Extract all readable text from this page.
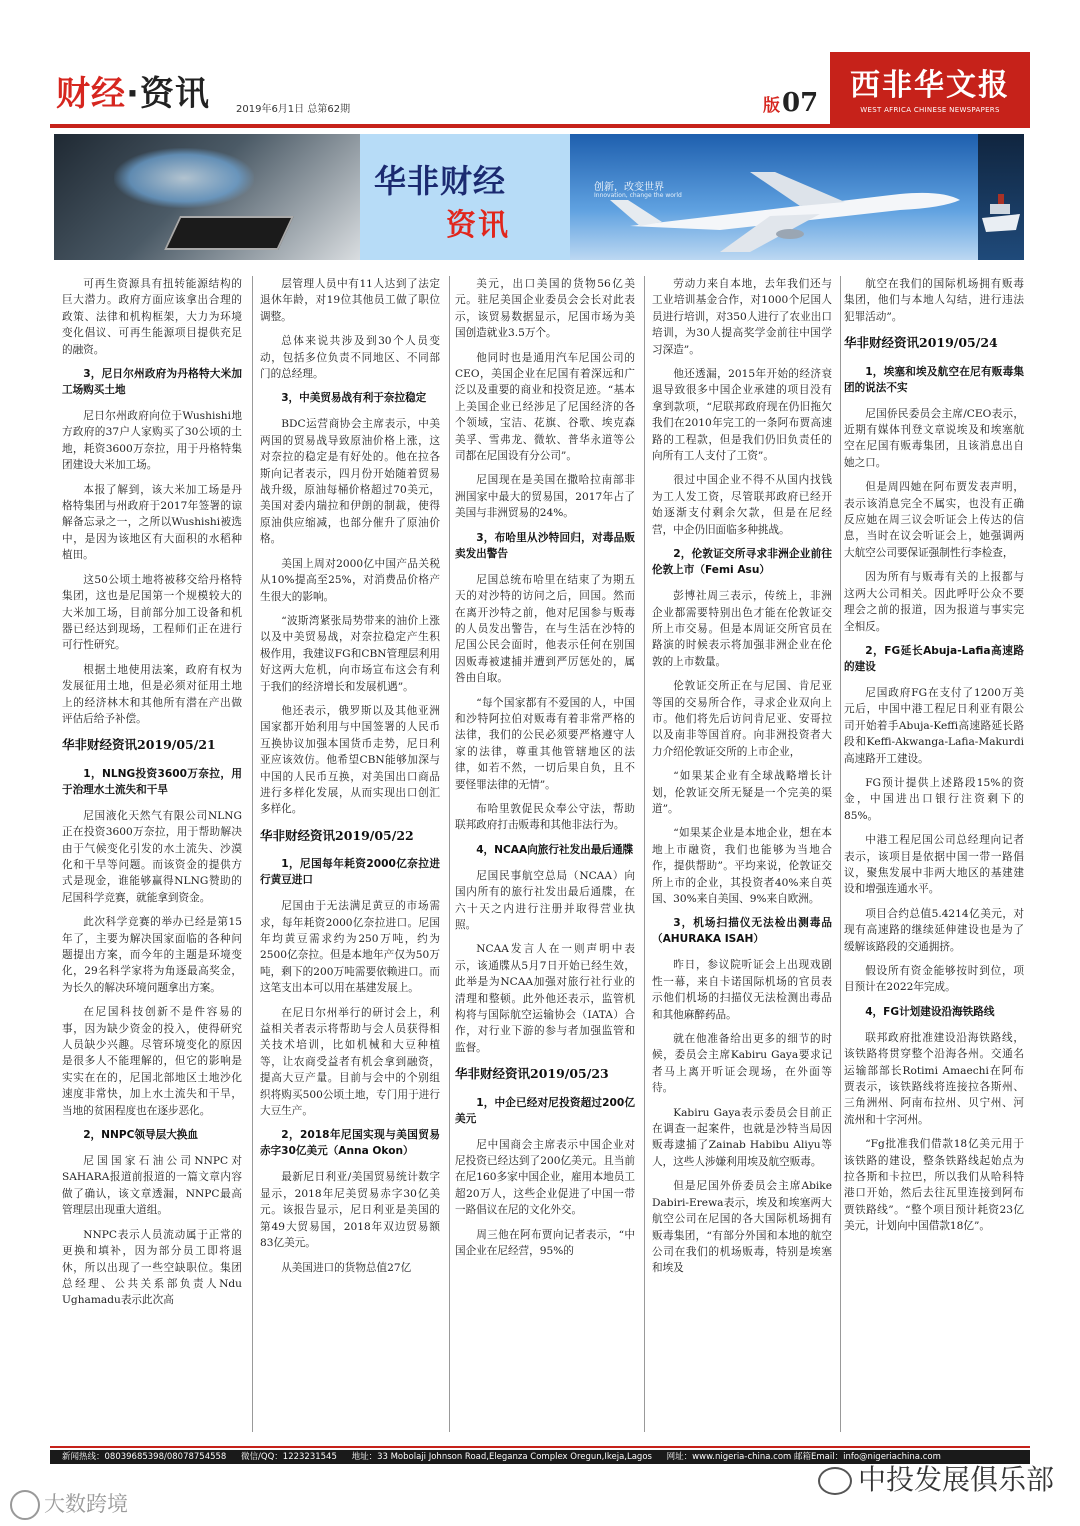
财经·资讯	2019年6月1日 总第62期	版07	西非华文报
WEST AFRICA CHINESE NEWSPAPERS
华非财经
资讯
创新，改变世界
Innovation, change the world

可再生资源具有扭转能源结构的巨大潜力。政府方面应该拿出合理的政策、法律和机构框架，大力为环境变化倡议、可再生能源项目提供充足的融资。

3，尼日尔州政府为丹格特大米加工场购买土地

尼日尔州政府向位于Wushishi地方政府的37户人家购买了30公顷的土地，耗资3600万奈拉，用于丹格特集团建设大米加工场。

本报了解到，该大米加工场是丹格特集团与州政府于2017年签署的谅解备忘录之一，之所以Wushishi被选中，是因为该地区有大面积的水稻种植田。

这50公顷土地将被移交给丹格特集团，这也是尼国第一个规模较大的大米加工场，目前部分加工设备和机器已经达到现场，工程师们正在进行可行性研究。

根据土地使用法案，政府有权为发展征用土地，但是必须对征用土地上的经济林木和其他所有潜在产出做评估后给予补偿。

华非财经资讯2019/05/21

1，NLNG投资3600万奈拉，用于治理水土流失和干旱

尼国液化天然气有限公司NLNG正在投资3600万奈拉，用于帮助解决由于气候变化引发的水土流失、沙漠化和干旱等问题。而该资金的提供方式是现金，谁能够赢得NLNG赞助的尼国科学竞赛，就能拿到资金。

此次科学竞赛的举办已经是第15年了，主要为解决国家面临的各种问题提出方案，而今年的主题是环境变化，29名科学家将为角逐最高奖金，为长久的解决环境问题拿出方案。

在尼国科技创新不是件容易的事，因为缺少资金的投入，使得研究人员缺少兴趣。尽管环境变化的原因是很多人不能理解的，但它的影响是实实在在的，尼国北部地区土地沙化速度非常快，加上水土流失和干旱，当地的贫困程度也在逐步恶化。

2，NNPC领导层大换血

尼国国家石油公司NNPC对SAHARA报道前报道的一篇文章内容做了确认，该文章透漏，NNPC最高管理层出现重大道组。

NNPC表示人员流动属于正常的更换和填补，因为部分员工即将退休，所以出现了一些空缺职位。集团总经理、公共关系部负责人Ndu Ughamadu表示此次高

层管理人员中有11人达到了法定退休年龄，对19位其他员工做了职位调整。

总体来说共涉及到30个人员变动，包括多位负责不同地区、不同部门的总经理。

3，中美贸易战有利于奈拉稳定

BDC运营商协会主席表示，中美两国的贸易战导致原油价格上涨，这对奈拉的稳定是有好处的。他在拉各斯向记者表示，四月份开始随着贸易战升级，原油每桶价格超过70美元，美国对委内瑞拉和伊朗的制裁，使得原油供应缩减，也部分催升了原油价格。

美国上周对2000亿中国产品关税从10%提高至25%，对消费品价格产生很大的影响。

“波斯湾紧张局势带来的油价上涨以及中美贸易战，对奈拉稳定产生积极作用，我建议FG和CBN管理层利用好这两大危机，向市场宣布这会有利于我们的经济增长和发展机遇”。

他还表示，俄罗斯以及其他亚洲国家都开始利用与中国签署的人民币互换协议加强本国货币走势，尼日利亚应该效仿。他希望CBN能够加深与中国的人民币互换，对美国出口商品进行多样化发展，从而实现出口创汇多样化。

华非财经资讯2019/05/22

1，尼国每年耗资2000亿奈拉进行黄豆进口

尼国由于无法满足黄豆的市场需求，每年耗资2000亿奈拉进口。尼国年均黄豆需求约为250万吨，约为2500亿奈拉。但是本地年产仅为50万吨，剩下的200万吨需要依赖进口。而这笔支出本可以用在基建发展上。

在尼日尔州举行的研讨会上，利益相关者表示将帮助与会人员获得相关技术培训，比如机械和大豆种植等，让农商受益者有机会拿到融资，提高大豆产量。目前与会中的个别组织将购买500公顷土地，专门用于进行大豆生产。

2，2018年尼国实现与美国贸易赤字30亿美元（Anna Okon）

最新尼日利亚/美国贸易统计数字显示，2018年尼美贸易赤字30亿美元。该报告显示，尼日利亚是美国的第49大贸易国，2018年双边贸易额83亿美元。

从美国进口的货物总值27亿

美元，出口美国的货物56亿美元。驻尼美国企业委员会会长对此表示，该贸易数据显示，尼国市场为美国创造就业3.5万个。

他同时也是通用汽车尼国公司的CEO，美国企业在尼国有着深远和广泛以及重要的商业和投资足迹。“基本上美国企业已经涉足了尼国经济的各个领域，宝洁、花旗、谷歌、埃克森美孚、雪弗龙、微软、普华永道等公司都在尼国设有分公司”。

尼国现在是美国在撒哈拉南部非洲国家中最大的贸易国，2017年占了美国与非洲贸易的24%。

3，布哈里从沙特回归，对毒品贩卖发出警告

尼国总统布哈里在结束了为期五天的对沙特的访问之后，回国。然而在离开沙特之前，他对尼国参与贩毒的人员发出警告，在与生活在沙特的尼国公民会面时，他表示任何在别国因贩毒被逮捕并遭到严厉惩处的，属咎由自取。

“每个国家都有不爱国的人，中国和沙特阿拉伯对贩毒有着非常严格的法律，我们的公民必须要严格遵守人家的法律，尊重其他管辖地区的法律，如若不然，一切后果自负，且不要怪罪法律的无情”。

布哈里敦促民众奉公守法，帮助联邦政府打击贩毒和其他非法行为。

4，NCAA向旅行社发出最后通牒

尼国民事航空总局（NCAA）向国内所有的旅行社发出最后通牒，在六十天之内进行注册并取得营业执照。

NCAA发言人在一则声明中表示，该通牒从5月7日开始已经生效，此举是为NCAA加强对旅行社行业的清理和整顿。此外他还表示，监管机构将与国际航空运输协会（IATA）合作，对行业下游的参与者加强监管和监督。

华非财经资讯2019/05/23

1，中企已经对尼投资超过200亿美元

尼中国商会主席表示中国企业对尼投资已经达到了200亿美元。且当前在尼160多家中国企业，雇用本地员工超20万人，这些企业促进了中国一带一路倡议在尼的文化外交。

周三他在阿布贾向记者表示，“中国企业在尼经营，95%的

劳动力来自本地，去年我们还与工业培训基金合作，对1000个尼国人员进行培训，对350人进行了农业出口培训，为30人提高奖学金前往中国学习深造”。

他还透漏，2015年开始的经济衰退导致很多中国企业承建的项目没有拿到款项，“尼联邦政府现在仍旧拖欠我们在2010年完工的一条阿布贾高速路的工程款，但是我们仍旧负责任的向所有工人支付了工资”。

很过中国企业不得不从国内找钱为工人发工资，尽管联邦政府已经开始逐渐支付剩余欠款，但是在尼经营，中企仍旧面临多种挑战。

2，伦敦证交所寻求非洲企业前往伦敦上市（Femi Asu）

彭博社周三表示，传统上，非洲企业都需要特别出色才能在伦敦证交所上市交易。但是本周证交所官员在路演的时候表示将加强非洲企业在伦敦的上市数量。

伦敦证交所正在与尼国、肯尼亚等国的交易所合作，寻求企业双向上市。他们将先后访问肯尼亚、安哥拉以及南非等国首府。向非洲投资者大力介绍伦敦证交所的上市企业，

“如果某企业有全球战略增长计划，伦敦证交所无疑是一个完美的渠道”。

“如果某企业是本地企业，想在本地上市融资，我们也能够为当地合作，提供帮助”。平均来说，伦敦证交所上市的企业，其投资者40%来自英国、30%来自美国、9%来自欧洲。

3，机场扫描仪无法检出测毒品（AHURAKA ISAH）

昨日，参议院听证会上出现戏剧性一幕，来自卡诺国际机场的官员表示他们机场的扫描仪无法检测出毒品和其他麻醉药品。

就在他准备给出更多的细节的时候，委员会主席Kabiru Gaya要求记者马上离开听证会现场，在外面等待。

Kabiru Gaya表示委员会目前正在调查一起案件，也就是沙特当局因贩毒逮捕了Zainab Habibu Aliyu等人，这些人涉嫌利用埃及航空贩毒。

但是尼国外侨委员会主席Abike Dabiri-Erewa表示，埃及和埃塞两大航空公司在尼国的各大国际机场拥有贩毒集团，“有部分外国和本地的航空公司在我们的机场贩毒，特别是埃塞和埃及

航空在我们的国际机场拥有贩毒集团，他们与本地人勾结，进行违法犯罪活动”。

华非财经资讯2019/05/24

1，埃塞和埃及航空在尼有贩毒集团的说法不实

尼国侨民委员会主席/CEO表示，近期有媒体刊登文章说埃及和埃塞航空在尼国有贩毒集团，且该消息出自她之口。

但是周四她在阿布贾发表声明，表示该消息完全不属实，也没有正确反应她在周三议会听证会上传达的信息，当时在议会听证会上，她强调两大航空公司要保证强制性行李检查，

因为所有与贩毒有关的上报都与这两大公司相关。因此呼吁公众不要理会之前的报道，因为报道与事实完全相反。

2，FG延长Abuja-Lafia高速路的建设

尼国政府FG在支付了1200万美元后，中国中港工程尼日利亚有限公司开始着手Abuja-Keffi高速路延长路段和Keffi-Akwanga-Lafia-Makurdi高速路开工建设。

FG预计提供上述路段15%的资金，中国进出口银行注资剩下的85%。

中港工程尼国公司总经理向记者表示，该项目是依据中国一带一路倡议，聚焦发展中非两大地区的基建建设和增强连通水平。

项目合约总值5.4214亿美元，对现有高速路的继续延伸建设也是为了缓解该路段的交通拥挤。

假设所有资金能够按时到位，项目预计在2022年完成。

4，FG计划建设沿海铁路线

联邦政府批准建设沿海铁路线，该铁路将贯穿整个沿海各州。交通名运输部部长Rotimi Amaechi在阿布贾表示，该铁路线将连接拉各斯州、三角洲州、阿南布拉州、贝宁州、河流州和十字河州。

“Fg批准我们借款18亿美元用于该铁路的建设，整条铁路线起始点为拉各斯和卡拉巴，所以我们从哈科特港口开始，然后去往瓦里连接到阿布贾铁路线”。“整个项目预计耗资23亿美元，计划向中国借款18亿”。

新闻热线：08039685398/08078754558 微信/QQ：1223231545 地址：33 Mobolaji Johnson Road,Eleganza Complex Oregun,Ikeja,Lagos 网址：www.nigeria-china.com 邮箱Email：info@nigeriachina.com
大数跨境
中投发展俱乐部
